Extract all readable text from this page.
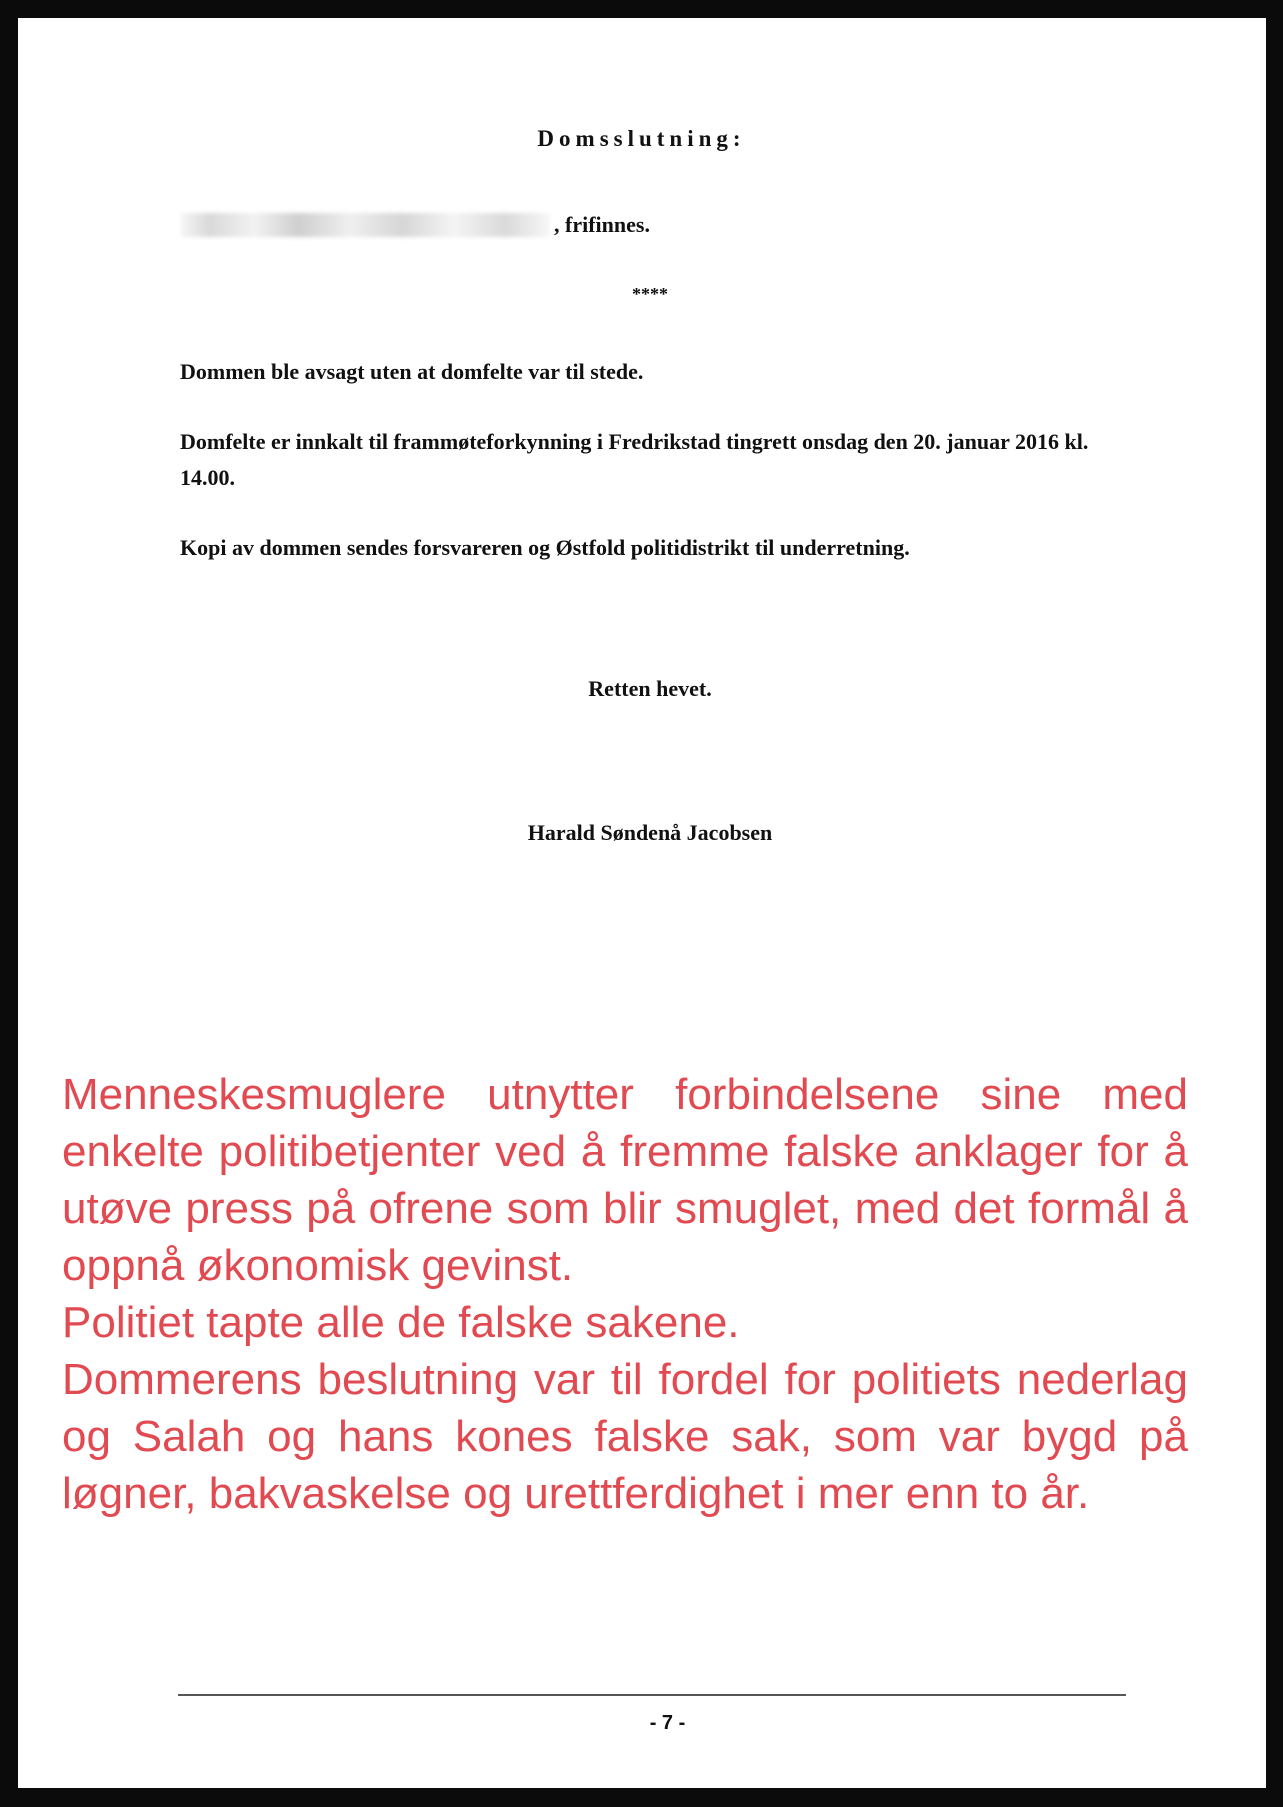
Domsslutning:
, frifinnes.
****
Dommen ble avsagt uten at domfelte var til stede.
Domfelte er innkalt til frammøteforkynning i Fredrikstad tingrett onsdag den 20. januar 2016 kl. 14.00.
Kopi av dommen sendes forsvareren og Østfold politidistrikt til underretning.
Retten hevet.
Harald Søndenå Jacobsen

Menneskesmuglere utnytter forbindelsene sine med enkelte politibetjenter ved å fremme falske anklager for å utøve press på ofrene som blir smuglet, med det formål å oppnå økonomisk gevinst.

Politiet tapte alle de falske sakene.

Dommerens beslutning var til fordel for politiets nederlag og Salah og hans kones falske sak, som var bygd på løgner, bakvaskelse og urettferdighet i mer enn to år.

- 7 -
